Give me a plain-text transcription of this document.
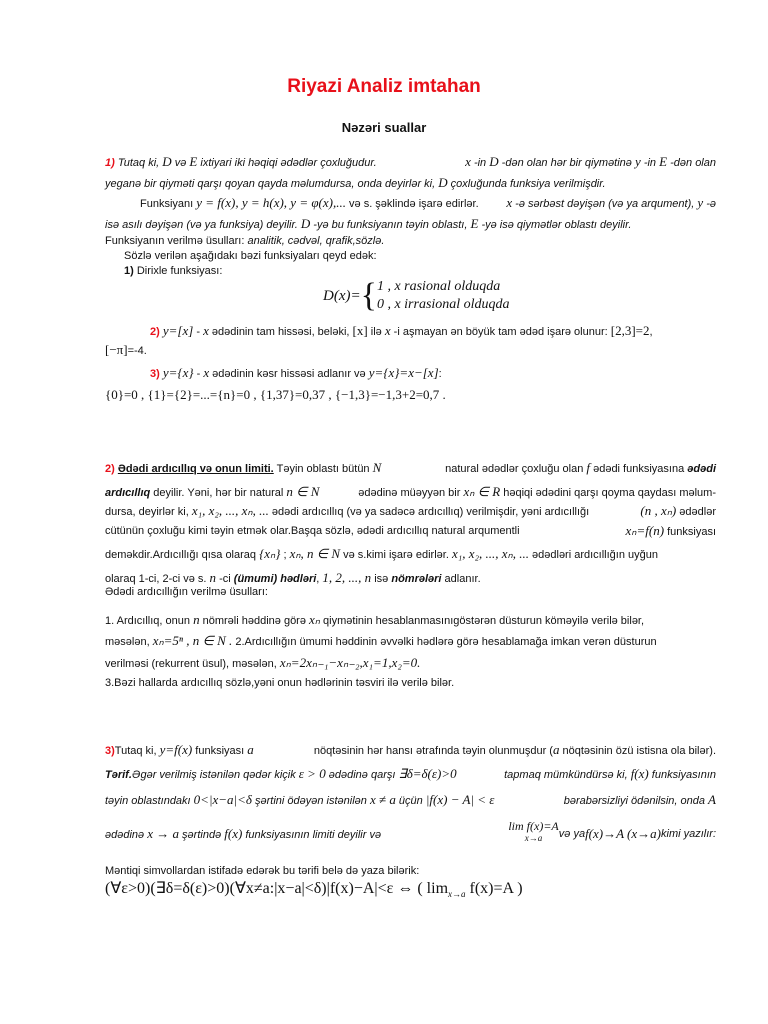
Riyazi Analiz imtahan
Nəzəri suallar
1) Tutaq ki, D və E ixtiyari iki həqiqi ədədlər çoxluğudur.	x -in D -dən olan hər bir qiymətinə y -in E -dən olan
yeganə bir qiyməti qarşı qoyan qayda məlumdursa, onda deyirlər ki, D çoxluğunda funksiya verilmişdir.
Funksiyanı y = f(x), y = h(x), y = φ(x),... və s. şəklində işarə edirlər. x -ə sərbəst dəyişən (və ya arqument), y -ə
isə asılı dəyişən (və ya funksiya) deyilir. D -yə bu funksiyanın təyin oblastı, E -yə isə qiymətlər oblastı deyilir.
Funksiyanın verilmə üsulları: analitik, cədvəl, qrafik,sözlə.
Sözlə verilən aşağıdakı bəzi funksiyaları qeyd edək:
1) Dirixle funksiyası:
D(x)= { 1 , x rasional olduqda
0 , x irrasional olduqda
2) y=[x] - x ədədinin tam hissəsi, beləki, [x] ilə x -i aşmayan ən böyük tam ədəd işarə olunur: [2,3]=2,
[−π]=-4.
3) y={x} - x ədədinin kəsr hissəsi adlanır və y={x}=x−[x]:
{0}=0 , {1}={2}=...={n}=0 , {1,37}=0,37 , {−1,3}=−1,3+2=0,7 .
2) Ədədi ardıcıllıq və onun limiti. Təyin oblastı bütün N	natural ədədlər çoxluğu olan f ədədi funksiyasına ədədi
ardıcıllıq deyilir. Yəni, hər bir natural n ∈ N	ədədinə müəyyən bir xₙ ∈ R həqiqi ədədini qarşı qoyma qaydası məlum-
dursa, deyirlər ki, x₁, x₂, ..., xₙ, ... ədədi ardıcıllıq (və ya sadəcə ardıcıllıq) verilmişdir, yəni ardıcıllığı	(n , xₙ) ədədlər
cütünün çoxluğu kimi təyin etmək olar.Başqa sözlə, ədədi ardıcıllıq natural arqumentli	xₙ=f(n) funksiyası
deməkdir.Ardıcıllığı qısa olaraq {xₙ} ; xₙ, n ∈ N və s.kimi işarə edirlər. x₁, x₂, ..., xₙ, ... ədədləri ardıcıllığın uyğun
olaraq 1-ci, 2-ci və s. n -ci (ümumi) hədləri, 1, 2, ..., n isə nömrələri adlanır.
Ədədi ardıcıllığın verilmə üsulları:
1. Ardıcıllıq, onun n nömrəli həddinə görə xₙ qiymətinin hesablanmasınıgöstərən düsturun köməyilə verilə bilər,
məsələn, xₙ=5ⁿ , n ∈ N . 2.Ardıcıllığın ümumi həddinin əvvəlki hədlərə görə hesablamağa imkan verən düsturun
verilməsi (rekurrent üsul), məsələn, xₙ=2xₙ₋₁−xₙ₋₂,x₁=1,x₂=0.
3.Bəzi hallarda ardıcıllıq sözlə,yəni onun hədlərinin təsviri ilə verilə bilər.
3)Tutaq ki, y=f(x) funksiyası a	nöqtəsinin hər hansı ətrafında təyin olunmuşdur (a nöqtəsinin özü istisna ola bilər).
Tərif.Əgər verilmiş istənilən qədər kiçik ε > 0 ədədinə qarşı ∃δ=δ(ε)>0	tapmaq mümkündürsə ki, f(x) funksiyasının
təyin oblastındakı 0<|x−a|<δ şərtini ödəyən istənilən x ≠ a üçün |f(x) − A| < ε	bərabərsizliyi ödənilsin, onda A
ədədinə x → a şərtində f(x) funksiyasının limiti deyilir və
lim f(x)=A
x→a və ya f(x)→A (x→a) kimi yazılır:
Məntiqi simvollardan istifadə edərək bu tərifi belə də yaza bilərik:
(∀ε>0)(∃δ=δ(ε)>0)(∀x≠a:|x−a|<δ)|f(x)−A|<ε ⇔ ( $\lim_{x\to a} f(x)=A$ )
